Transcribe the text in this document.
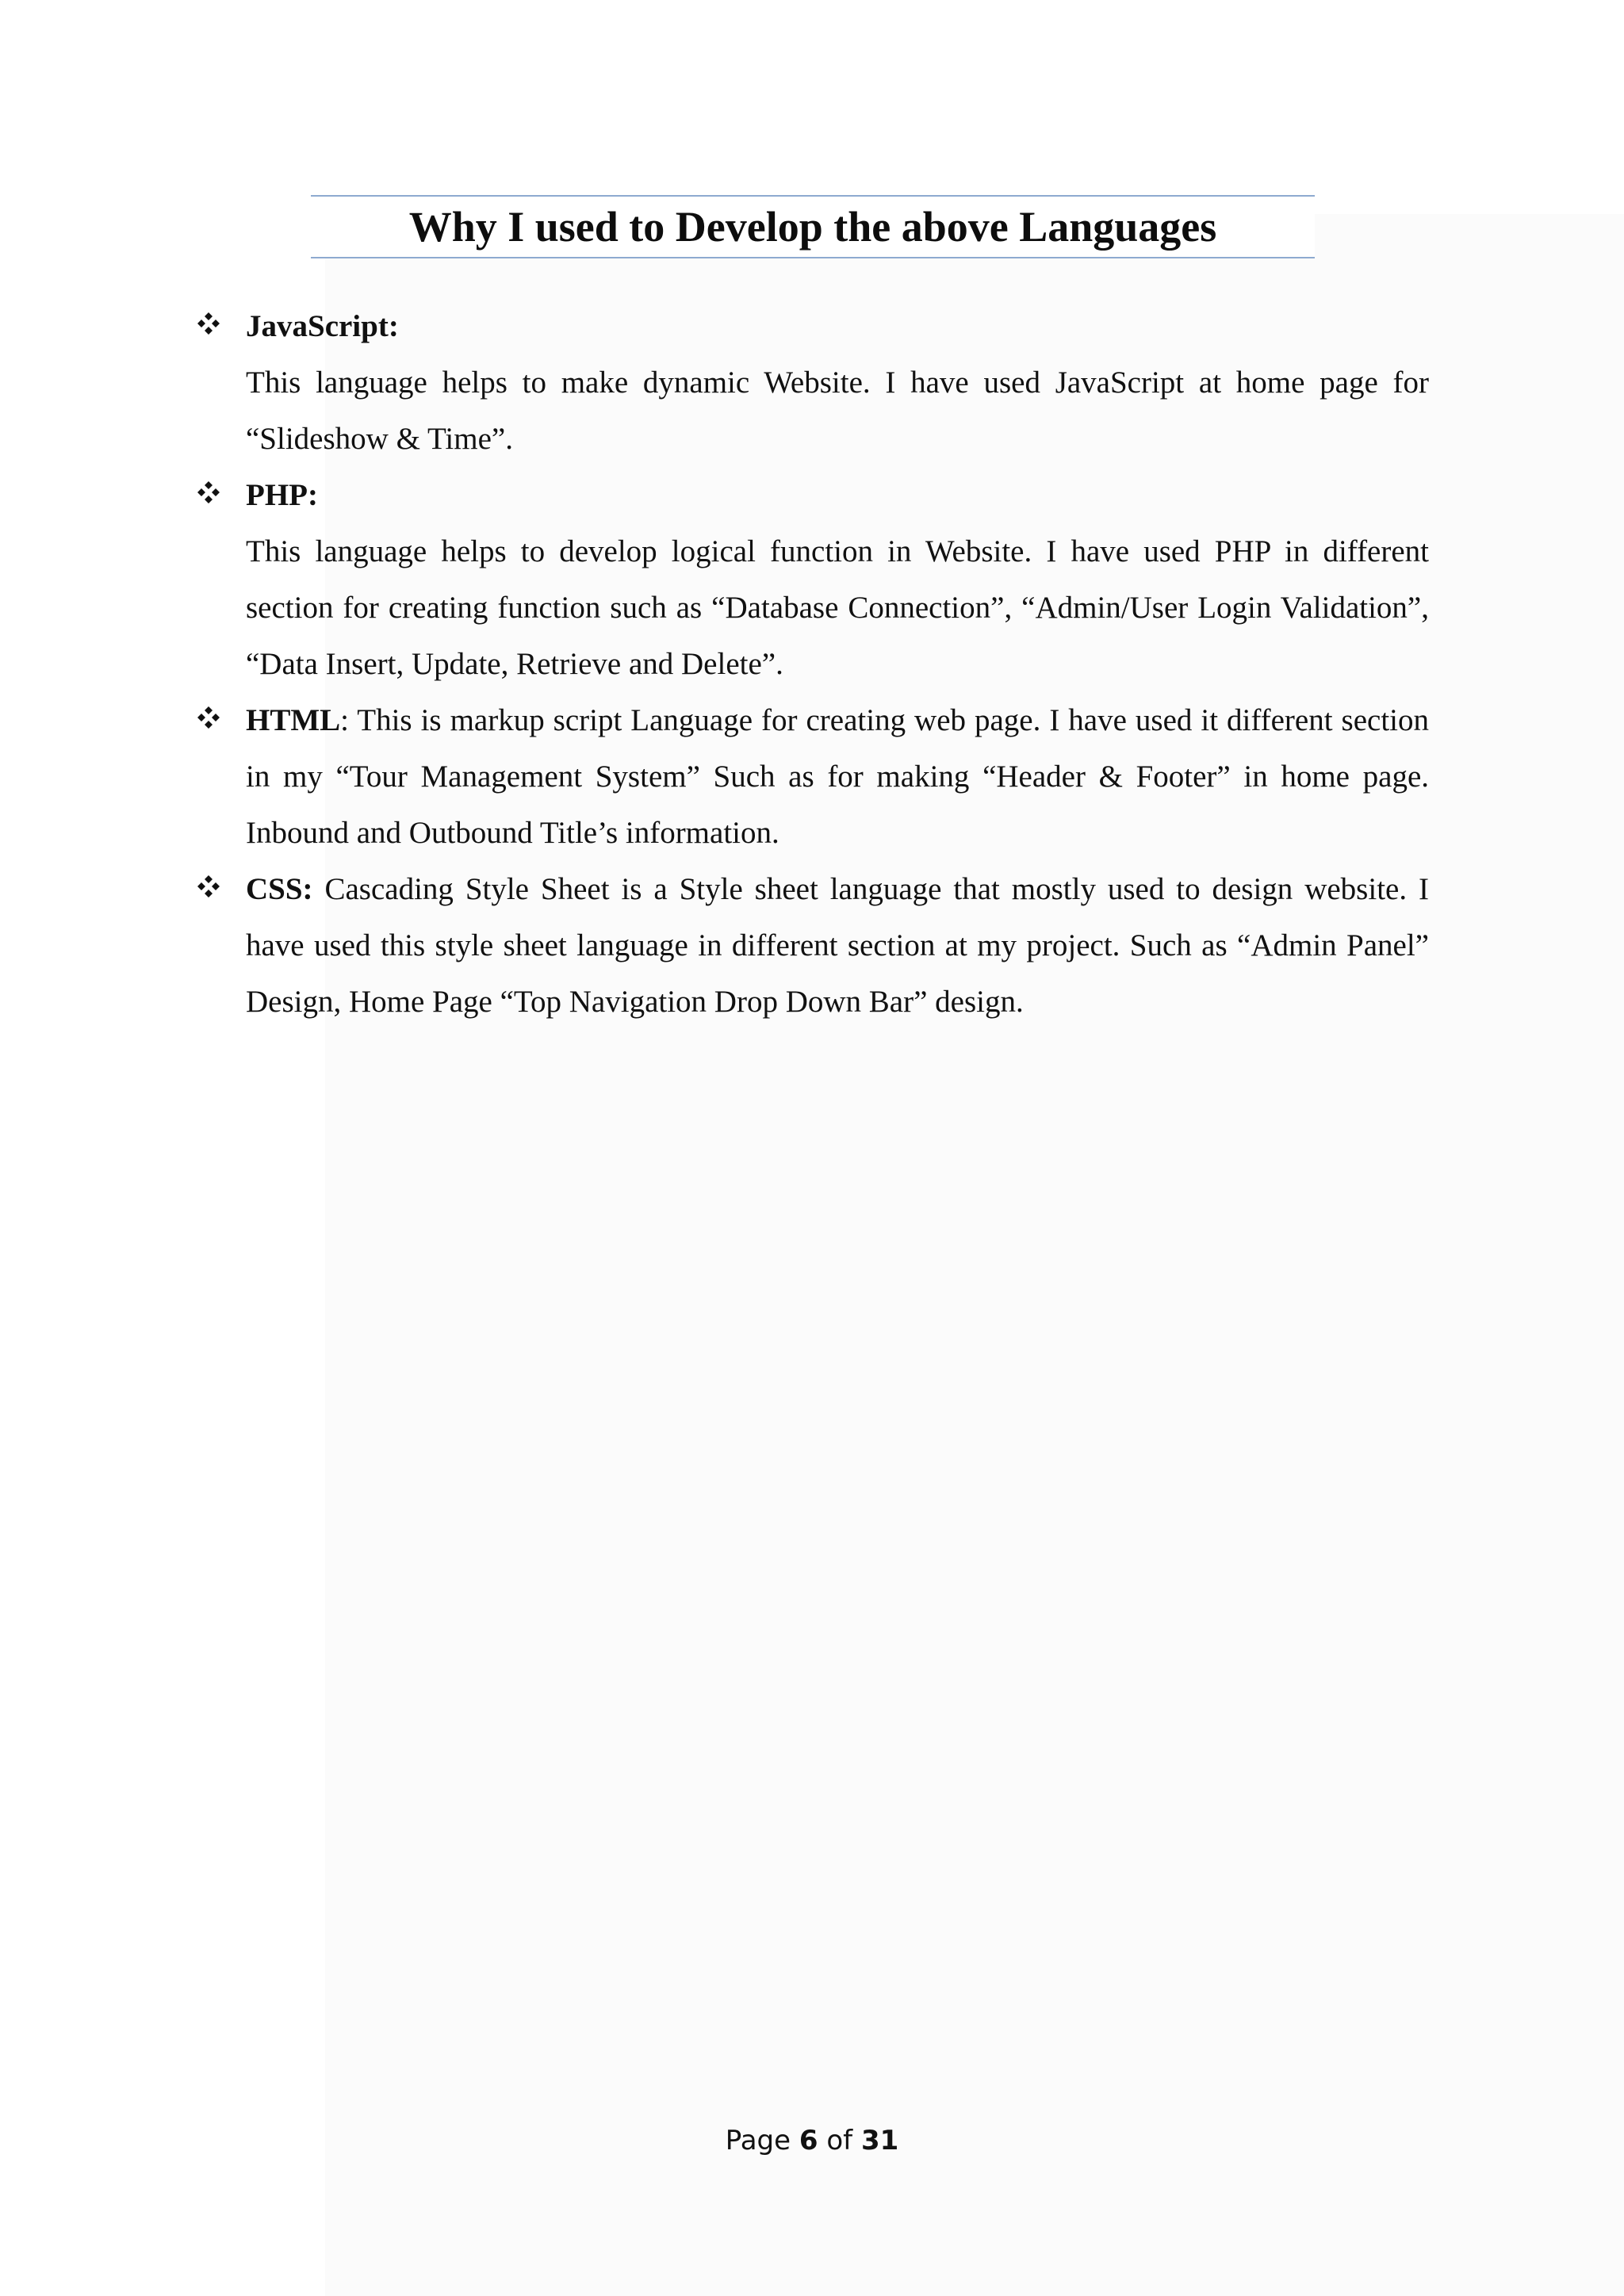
Why I used to Develop the above Languages
JavaScript:
This language helps to make dynamic Website. I have used JavaScript at home page for “Slideshow & Time”.
PHP:
This language helps to develop logical function in Website. I have used PHP in different section for creating function such as “Database Connection”, “Admin/User Login Validation”, “Data Insert, Update, Retrieve and Delete”.
HTML: This is markup script Language for creating web page. I have used it different section in my “Tour Management System” Such as for making “Header & Footer” in home page. Inbound and Outbound Title’s information.
CSS: Cascading Style Sheet is a Style sheet language that mostly used to design website. I have used this style sheet language in different section at my project. Such as “Admin Panel” Design, Home Page “Top Navigation Drop Down Bar” design.
Page 6 of 31
